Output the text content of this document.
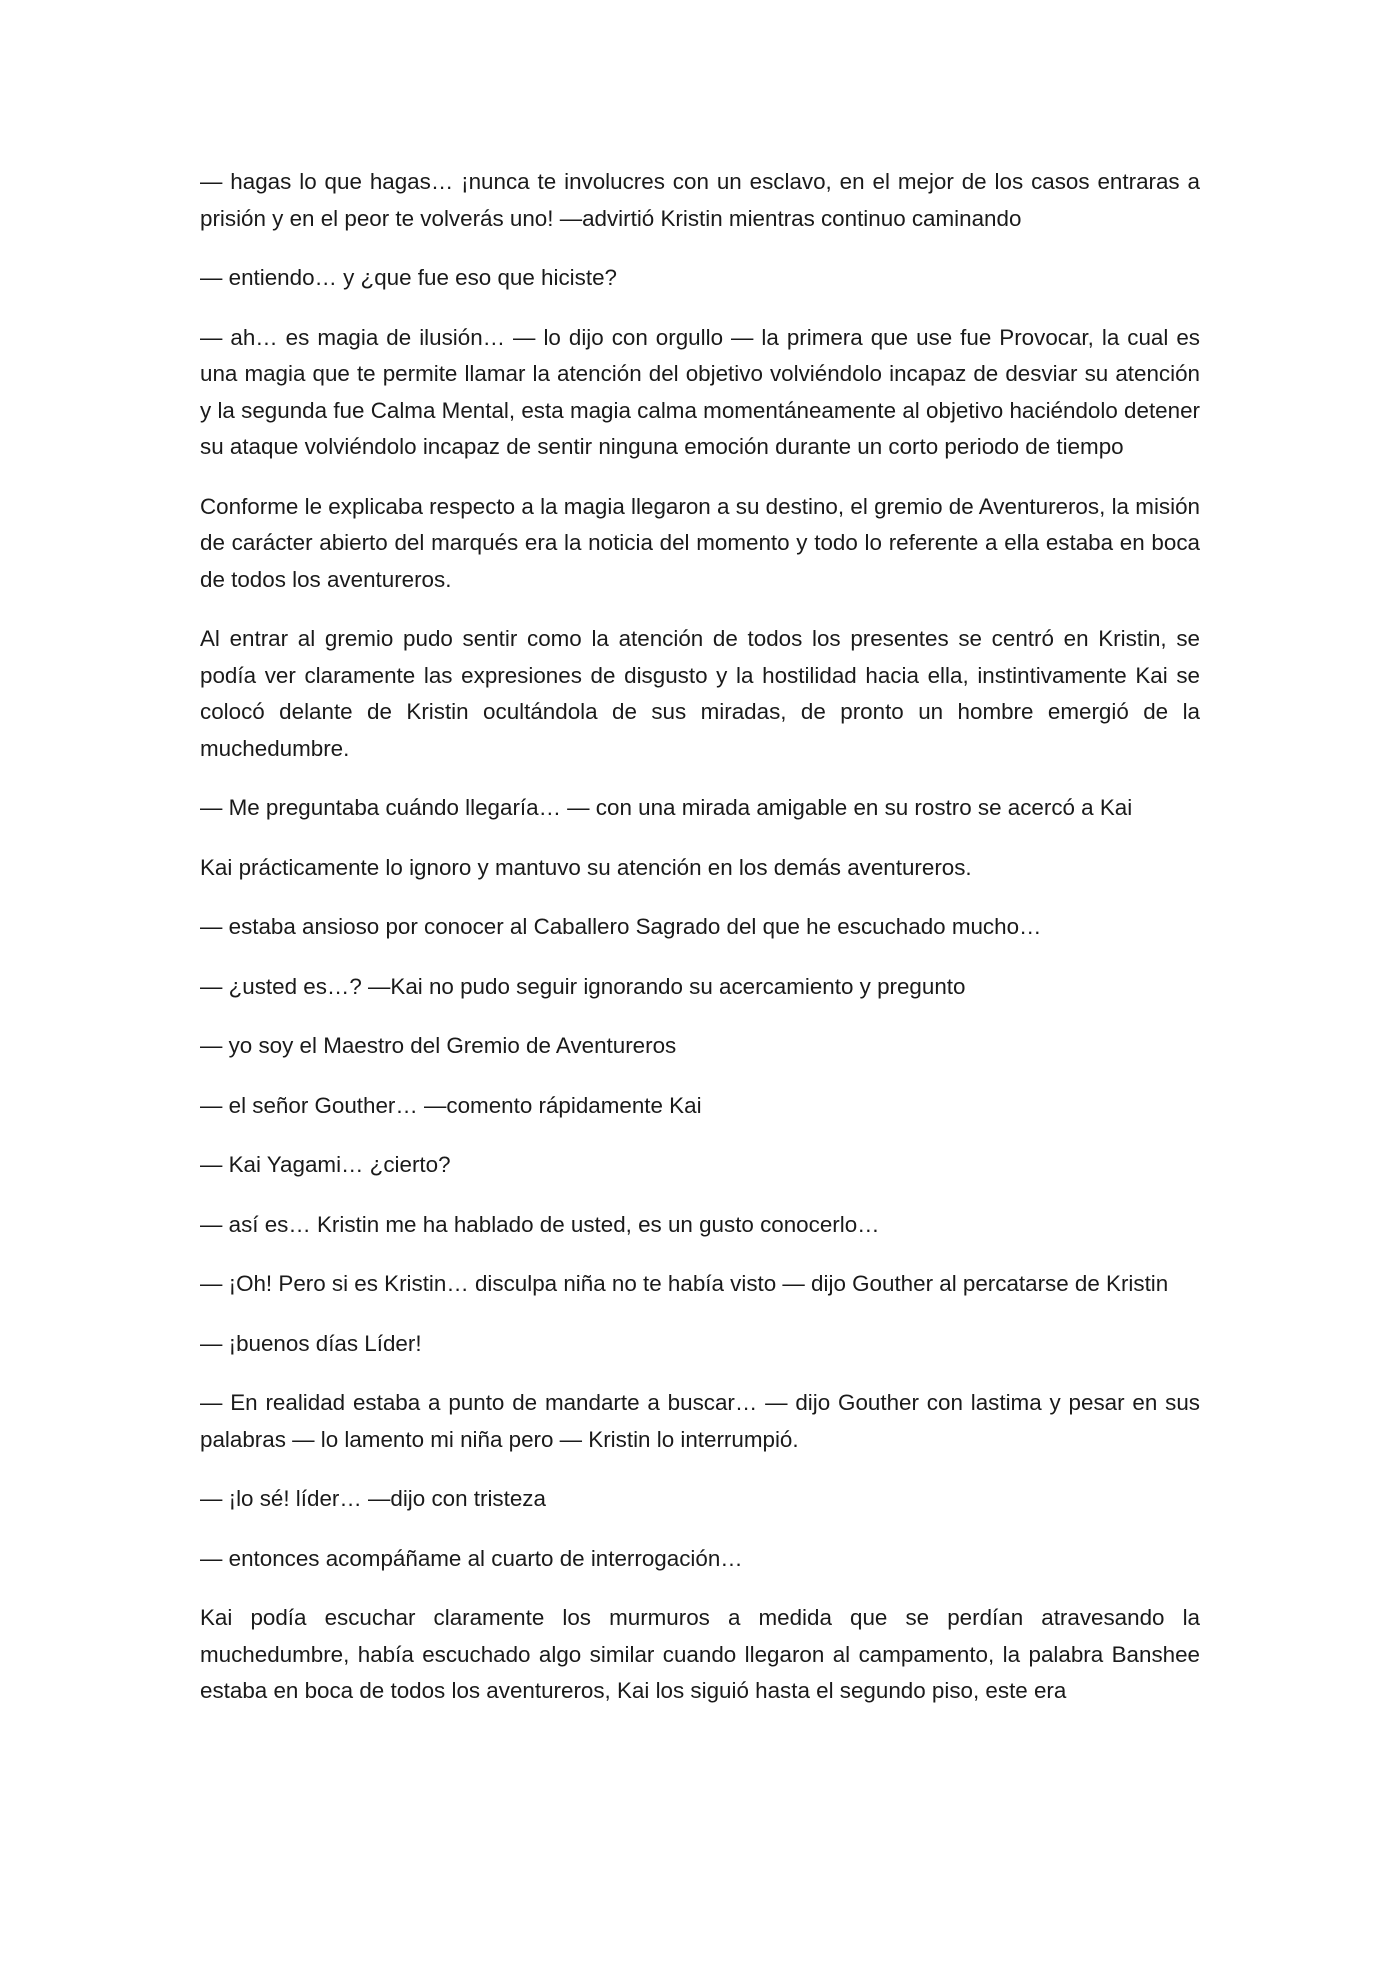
— hagas lo que hagas… ¡nunca te involucres con un esclavo, en el mejor de los casos entraras a prisión y en el peor te volverás uno! —advirtió Kristin mientras continuo caminando

— entiendo… y ¿que fue eso que hiciste?

— ah… es magia de ilusión… — lo dijo con orgullo — la primera que use fue Provocar, la cual es una magia que te permite llamar la atención del objetivo volviéndolo incapaz de desviar su atención y la segunda fue Calma Mental, esta magia calma momentáneamente al objetivo haciéndolo detener su ataque volviéndolo incapaz de sentir ninguna emoción durante un corto periodo de tiempo

Conforme le explicaba respecto a la magia llegaron a su destino, el gremio de Aventureros, la misión de carácter abierto del marqués era la noticia del momento y todo lo referente a ella estaba en boca de todos los aventureros.

Al entrar al gremio pudo sentir como la atención de todos los presentes se centró en Kristin, se podía ver claramente las expresiones de disgusto y la hostilidad hacia ella, instintivamente Kai se colocó delante de Kristin ocultándola de sus miradas, de pronto un hombre emergió de la muchedumbre.

— Me preguntaba cuándo llegaría… — con una mirada amigable en su rostro se acercó a Kai

Kai prácticamente lo ignoro y mantuvo su atención en los demás aventureros.

— estaba ansioso por conocer al Caballero Sagrado del que he escuchado mucho…

— ¿usted es…? —Kai no pudo seguir ignorando su acercamiento y pregunto

— yo soy el Maestro del Gremio de Aventureros

— el señor Gouther… —comento rápidamente Kai

— Kai Yagami… ¿cierto?

— así es… Kristin me ha hablado de usted, es un gusto conocerlo…

— ¡Oh! Pero si es Kristin… disculpa niña no te había visto — dijo Gouther al percatarse de Kristin

— ¡buenos días Líder!

— En realidad estaba a punto de mandarte a buscar… — dijo Gouther con lastima y pesar en sus palabras — lo lamento mi niña pero — Kristin lo interrumpió.

— ¡lo sé! líder… —dijo con tristeza

— entonces acompáñame al cuarto de interrogación…

Kai podía escuchar claramente los murmuros a medida que se perdían atravesando la muchedumbre, había escuchado algo similar cuando llegaron al campamento, la palabra Banshee estaba en boca de todos los aventureros, Kai los siguió hasta el segundo piso, este era
